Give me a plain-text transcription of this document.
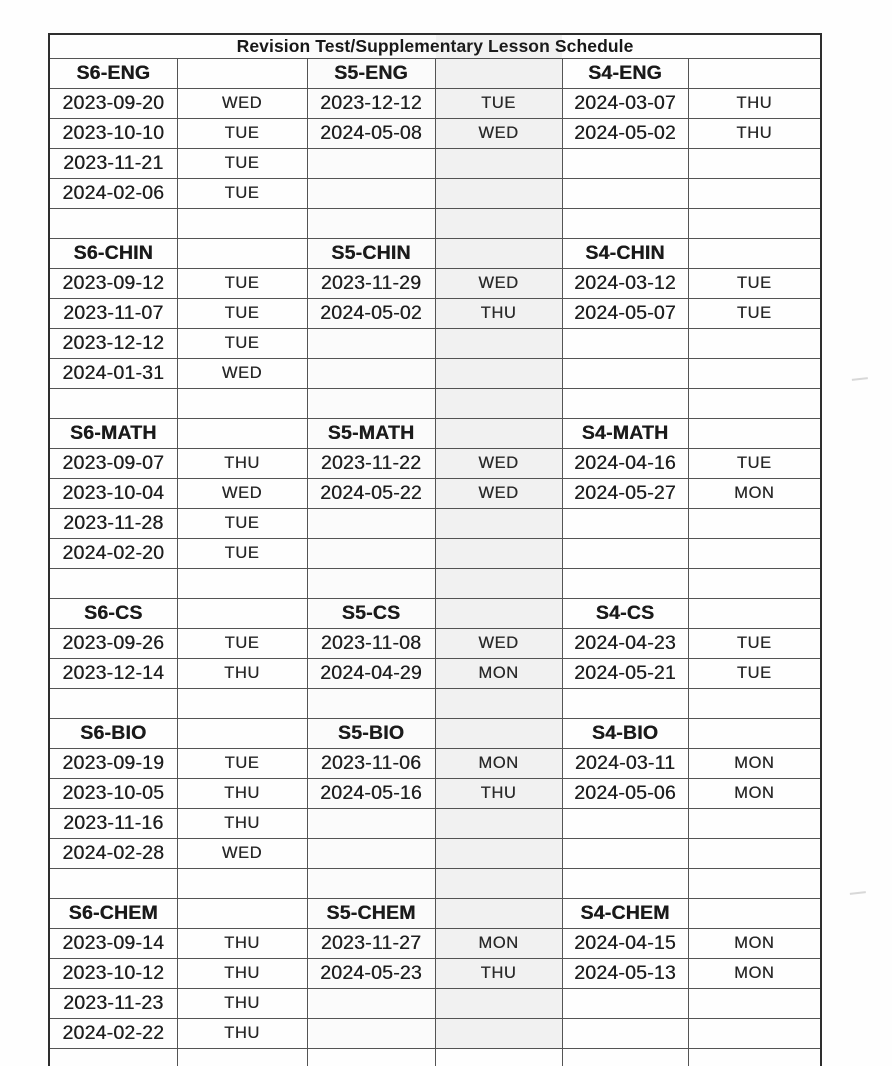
Revision Test/Supplementary Lesson Schedule					
S6-ENG		S5-ENG		S4-ENG	
2023-09-20	WED	2023-12-12	TUE	2024-03-07	THU
2023-10-10	TUE	2024-05-08	WED	2024-05-02	THU
2023-11-21	TUE				
2024-02-06	TUE				

S6-CHIN		S5-CHIN		S4-CHIN	
2023-09-12	TUE	2023-11-29	WED	2024-03-12	TUE
2023-11-07	TUE	2024-05-02	THU	2024-05-07	TUE
2023-12-12	TUE				
2024-01-31	WED				

S6-MATH		S5-MATH		S4-MATH	
2023-09-07	THU	2023-11-22	WED	2024-04-16	TUE
2023-10-04	WED	2024-05-22	WED	2024-05-27	MON
2023-11-28	TUE				
2024-02-20	TUE				

S6-CS		S5-CS		S4-CS	
2023-09-26	TUE	2023-11-08	WED	2024-04-23	TUE
2023-12-14	THU	2024-04-29	MON	2024-05-21	TUE

S6-BIO		S5-BIO		S4-BIO	
2023-09-19	TUE	2023-11-06	MON	2024-03-11	MON
2023-10-05	THU	2024-05-16	THU	2024-05-06	MON
2023-11-16	THU				
2024-02-28	WED				

S6-CHEM		S5-CHEM		S4-CHEM	
2023-09-14	THU	2023-11-27	MON	2024-04-15	MON
2023-10-12	THU	2024-05-23	THU	2024-05-13	MON
2023-11-23	THU				
2024-02-22	THU				
